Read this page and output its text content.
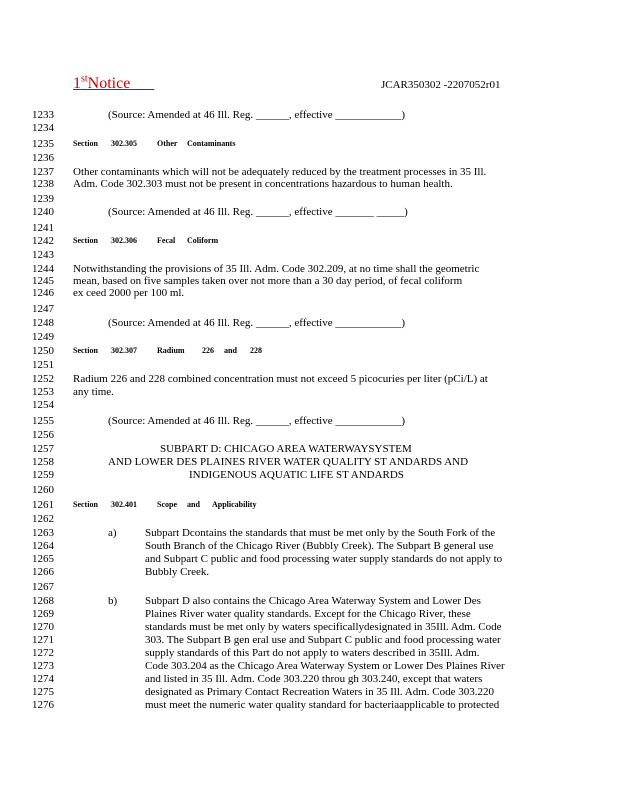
1stNotice	JCAR350302 -2207052r01
1233
1234
1235
1236
1237
1238
1239
1240
1241
1242
1243
1244
1245
1246
1247
1248
1249
1250
1251
1252
1253
1254
1255
1256
1257
1258
1259
1260
1261
1262
1263
1264
1265
1266
1267
1268
1269
1270
1271
1272
1273
1274
1275
1276
(Source: Amended at 46 Ill. Reg. ______, effective ____________)
Section	302.305	Other	Contaminants
Other contaminants which will not be adequately reduced by the treatment processes in 35 Ill.
Adm. Code 302.303 must not be present in concentrations hazardous to human health.
(Source: Amended at 46 Ill. Reg. ______, effective _______ _____)
Section	302.306	Fecal	Coliform
Notwithstanding the provisions of 35 Ill. Adm. Code 302.209, at no time shall the geometric
mean, based on five samples taken over not more than a 30 day period, of fecal coliform
ex ceed 2000 per 100 ml.
(Source: Amended at 46 Ill. Reg. ______, effective ____________)
Section	302.307	Radium	226	and	228
Radium 226 and 228 combined concentration must not exceed 5 picocuries per liter (pCi/L) at
any time.
(Source: Amended at 46 Ill. Reg. ______, effective ____________)
SUBPART D: CHICAGO AREA WATERWAYSYSTEM
AND LOWER DES PLAINES RIVER WATER QUALITY ST ANDARDS AND
INDIGENOUS AQUATIC LIFE ST ANDARDS
Section	302.401	Scope	and	Applicability
a)	Subpart Dcontains the standards that must be met only by the South Fork of the
South Branch of the Chicago River (Bubbly Creek). The Subpart B general use
and Subpart C public and food processing water supply standards do not apply to
Bubbly Creek.
b)	Subpart D also contains the Chicago Area Waterway System and Lower Des
Plaines River water quality standards. Except for the Chicago River, these
standards must be met only by waters specificallydesignated in 35Ill. Adm. Code
303. The Subpart B gen eral use and Subpart C public and food processing water
supply standards of this Part do not apply to waters described in 35Ill. Adm.
Code 303.204 as the Chicago Area Waterway System or Lower Des Plaines River
and listed in 35 Ill. Adm. Code 303.220 throu gh 303.240, except that waters
designated as Primary Contact Recreation Waters in 35 Ill. Adm. Code 303.220
must meet the numeric water quality standard for bacteriaapplicable to protected
